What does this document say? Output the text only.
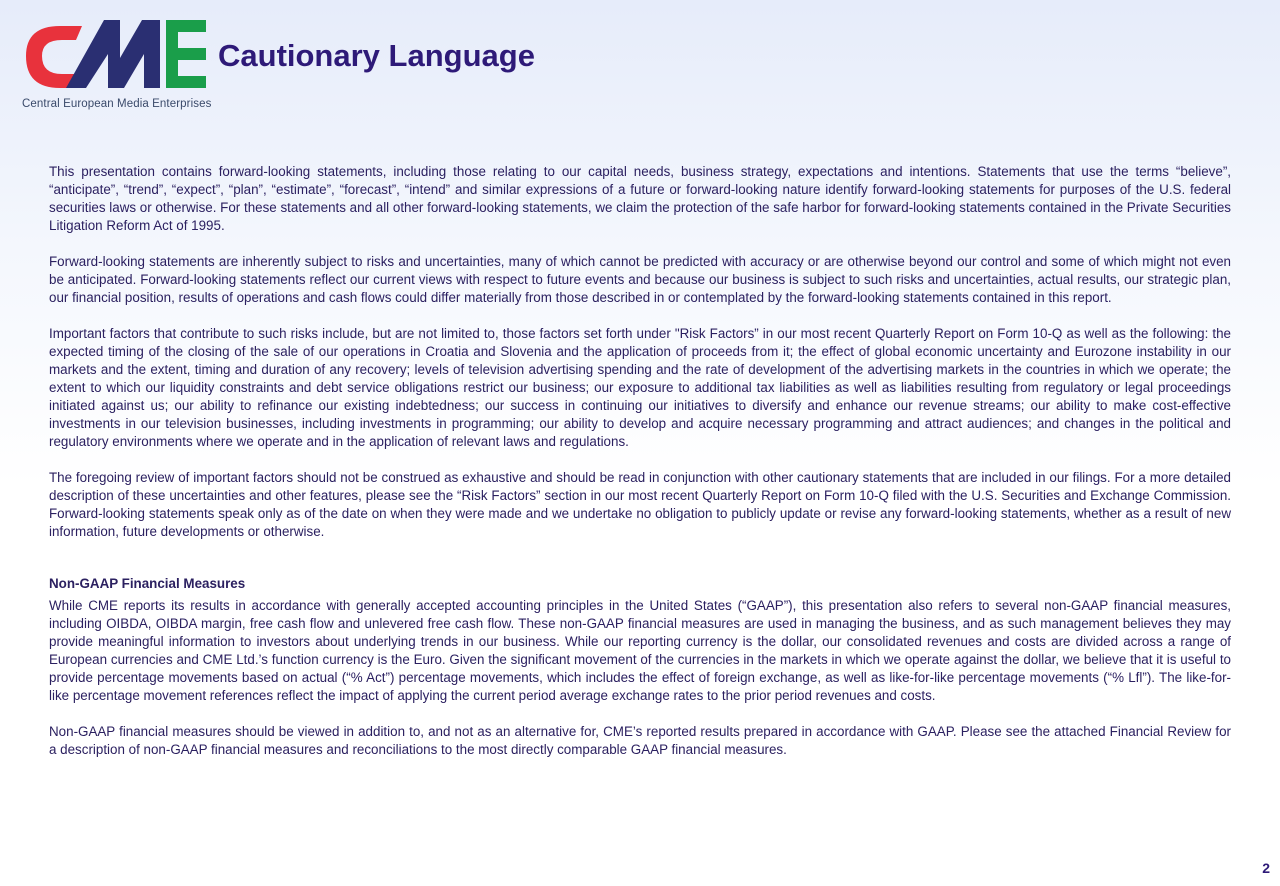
Central European Media Enterprises
Cautionary Language

This presentation contains forward-looking statements, including those relating to our capital needs, business strategy, expectations and intentions. Statements that use the terms “believe”, “anticipate”, “trend”, “expect”, “plan”, “estimate”, “forecast”, “intend” and similar expressions of a future or forward-looking nature identify forward-looking statements for purposes of the U.S. federal securities laws or otherwise. For these statements and all other forward-looking statements, we claim the protection of the safe harbor for forward-looking statements contained in the Private Securities Litigation Reform Act of 1995.

Forward-looking statements are inherently subject to risks and uncertainties, many of which cannot be predicted with accuracy or are otherwise beyond our control and some of which might not even be anticipated. Forward-looking statements reflect our current views with respect to future events and because our business is subject to such risks and uncertainties, actual results, our strategic plan, our financial position, results of operations and cash flows could differ materially from those described in or contemplated by the forward-looking statements contained in this report.

Important factors that contribute to such risks include, but are not limited to, those factors set forth under "Risk Factors” in our most recent Quarterly Report on Form 10-Q as well as the following: the expected timing of the closing of the sale of our operations in Croatia and Slovenia and the application of proceeds from it; the effect of global economic uncertainty and Eurozone instability in our markets and the extent, timing and duration of any recovery; levels of television advertising spending and the rate of development of the advertising markets in the countries in which we operate; the extent to which our liquidity constraints and debt service obligations restrict our business; our exposure to additional tax liabilities as well as liabilities resulting from regulatory or legal proceedings initiated against us; our ability to refinance our existing indebtedness; our success in continuing our initiatives to diversify and enhance our revenue streams; our ability to make cost-effective investments in our television businesses, including investments in programming; our ability to develop and acquire necessary programming and attract audiences; and changes in the political and regulatory environments where we operate and in the application of relevant laws and regulations.

The foregoing review of important factors should not be construed as exhaustive and should be read in conjunction with other cautionary statements that are included in our filings. For a more detailed description of these uncertainties and other features, please see the “Risk Factors” section in our most recent Quarterly Report on Form 10-Q filed with the U.S. Securities and Exchange Commission. Forward-looking statements speak only as of the date on when they were made and we undertake no obligation to publicly update or revise any forward-looking statements, whether as a result of new information, future developments or otherwise.

Non-GAAP Financial Measures

While CME reports its results in accordance with generally accepted accounting principles in the United States (“GAAP”), this presentation also refers to several non-GAAP financial measures, including OIBDA, OIBDA margin, free cash flow and unlevered free cash flow. These non-GAAP financial measures are used in managing the business, and as such management believes they may provide meaningful information to investors about underlying trends in our business. While our reporting currency is the dollar, our consolidated revenues and costs are divided across a range of European currencies and CME Ltd.’s function currency is the Euro. Given the significant movement of the currencies in the markets in which we operate against the dollar, we believe that it is useful to provide percentage movements based on actual (“% Act”) percentage movements, which includes the effect of foreign exchange, as well as like-for-like percentage movements (“% Lfl”). The like-for-like percentage movement references reflect the impact of applying the current period average exchange rates to the prior period revenues and costs.

Non-GAAP financial measures should be viewed in addition to, and not as an alternative for, CME’s reported results prepared in accordance with GAAP. Please see the attached Financial Review for a description of non-GAAP financial measures and reconciliations to the most directly comparable GAAP financial measures.

2
